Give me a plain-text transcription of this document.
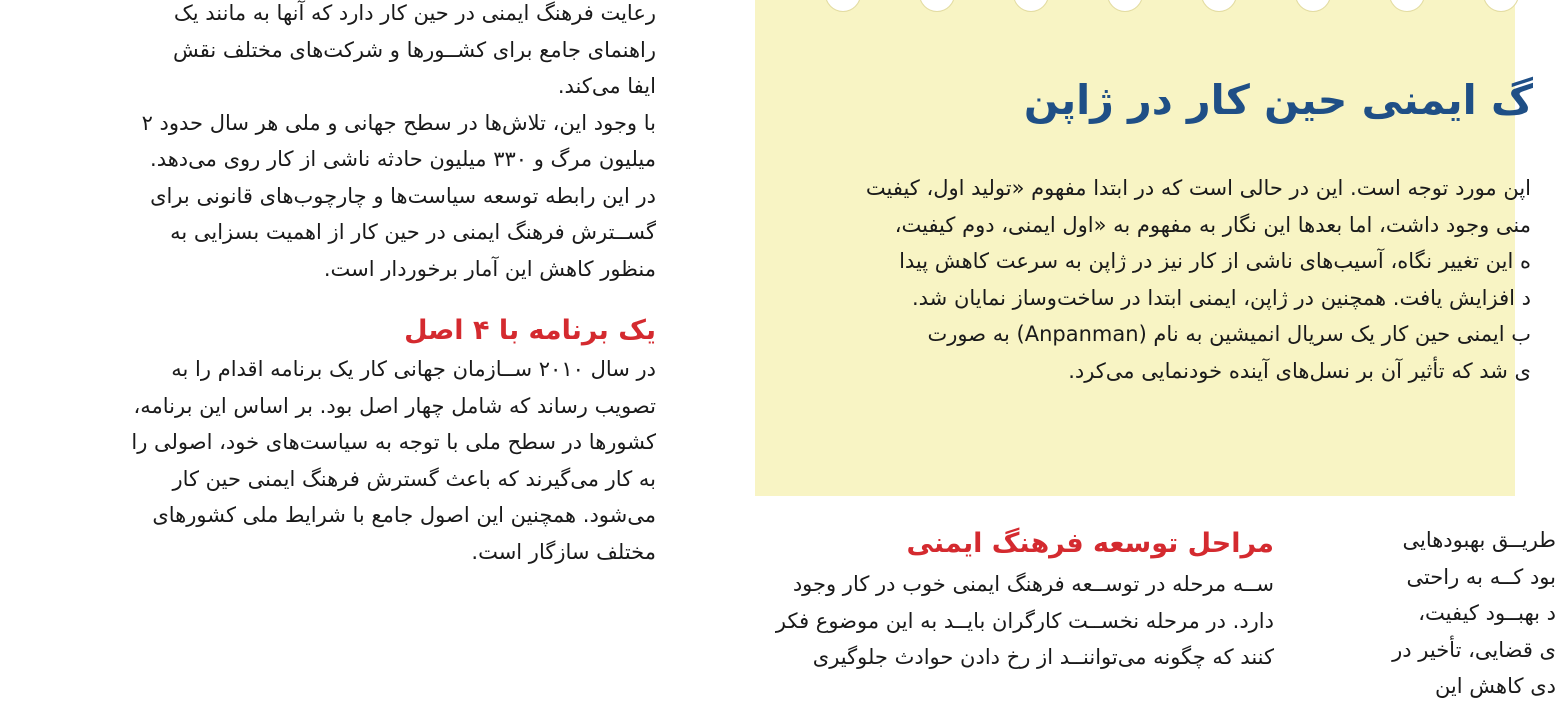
رعایت فرهنگ ایمنی در حین کار دارد که آنها به مانند یک

راهنمای جامع برای کشــورها و شرکت‌های مختلف نقش

ایفا می‌کند.

با وجود این، تلاش‌ها در سطح جهانی و ملی هر سال حدود ۲

میلیون مرگ و ۳۳۰ میلیون حادثه ناشی از کار روی می‌دهد.

در این رابطه توسعه سیاست‌ها و چارچوب‌های قانونی برای

گســترش فرهنگ ایمنی در حین کار از اهمیت بسزایی به

منظور کاهش این آمار برخوردار است.

یک برنامه با ۴ اصل

در سال ۲۰۱۰ ســازمان جهانی کار یک برنامه اقدام را به

تصویب رساند که شامل چهار اصل بود. بر اساس این برنامه،

کشورها در سطح ملی با توجه به سیاست‌های خود، اصولی را

به کار می‌گیرند که باعث گسترش فرهنگ ایمنی حین کار

می‌شود. همچنین این اصول جامع با شرایط ملی کشورهای

مختلف ساز‌گار است.

گ ایمنی حین کار در ژاپن

اپن مورد توجه است. این در حالی است که در ابتدا مفهوم «تولید اول، کیفیت

منی وجود داشت، اما بعدها این نگار به مفهوم به «اول ایمنی، دوم کیفیت،

ه این تغییر نگاه، آسیب‌های ناشی از کار نیز در ژاپن به سرعت کاهش پیدا

د افزایش یافت. همچنین در ژاپن، ایمنی ابتدا در ساخت‌وساز نمایان شد.

ب ایمنی حین کار یک سریال انمیشین به نام (Anpanman) به صورت

ی شد که تأثیر آن بر نسل‌های آینده خودنمایی می‌کرد.

مراحل توسعه فرهنگ ایمنی

ســه مرحله در توســعه فرهنگ ایمنی خوب در کار وجود

دارد. در مرحله نخســت کارگران بایــد به این موضوع فکر

کنند که چگونه می‌تواننــد از رخ دادن حوادث جلوگیری

طریــق بهبودهایی

بود کــه به راحتی

د بهبــود کیفیت،

ی قضایی، تأخیر در

دی کاهش این
